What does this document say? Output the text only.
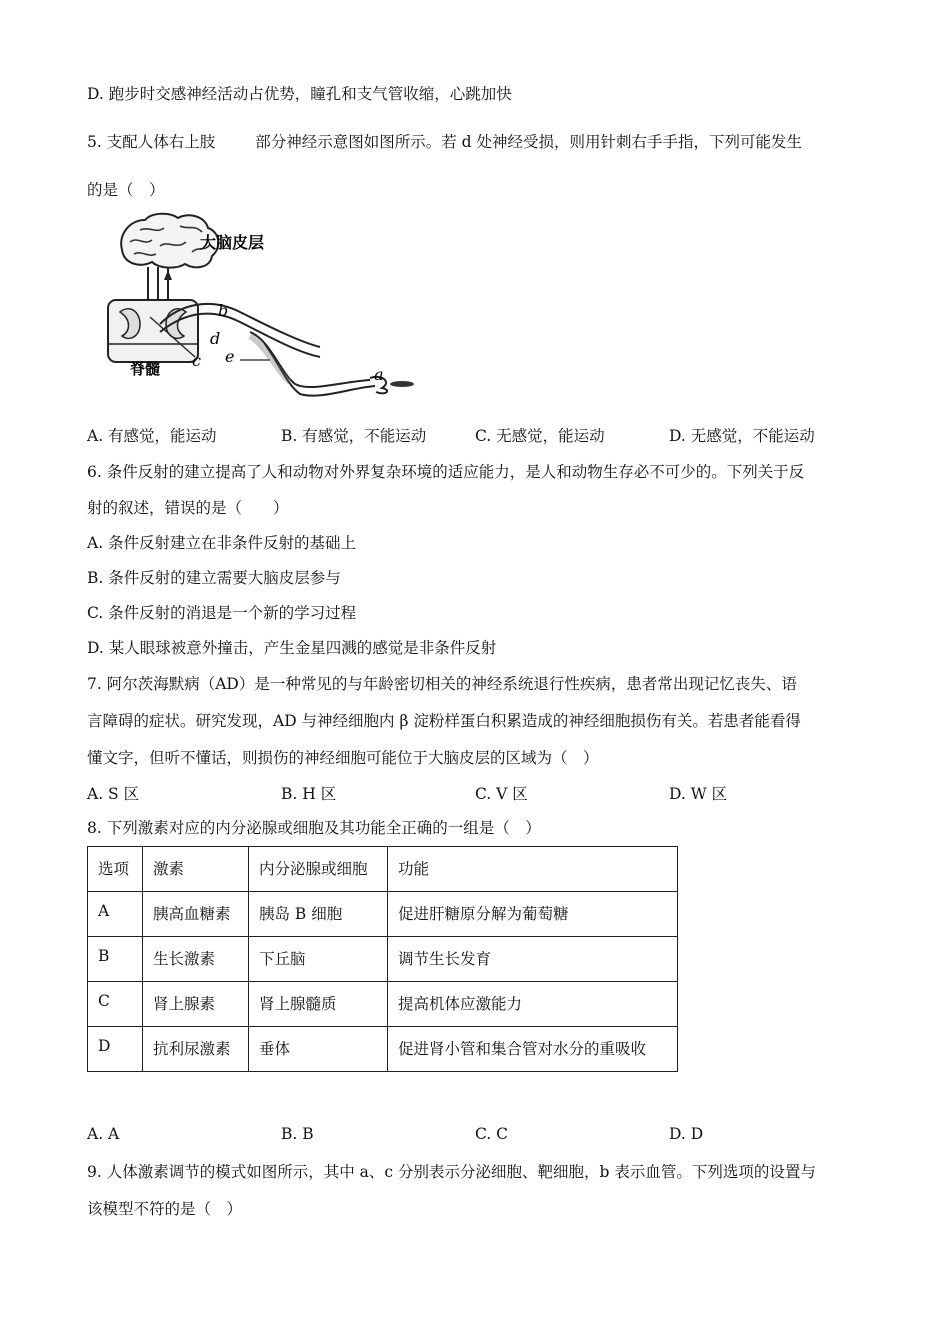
D. 跑步时交感神经活动占优势，瞳孔和支气管收缩，心跳加快
5. 支配人体右上肢	部分神经示意图如图所示。若 d 处神经受损，则用针刺右手手指，下列可能发生
的是（　）
大脑皮层
脊髓
b
d
c e
a
A. 有感觉，能运动	B. 有感觉，不能运动	C. 无感觉，能运动	D. 无感觉，不能运动
6. 条件反射的建立提高了人和动物对外界复杂环境的适应能力，是人和动物生存必不可少的。下列关于反
射的叙述，错误的是（　　）
A. 条件反射建立在非条件反射的基础上
B. 条件反射的建立需要大脑皮层参与
C. 条件反射的消退是一个新的学习过程
D. 某人眼球被意外撞击，产生金星四溅的感觉是非条件反射
7. 阿尔茨海默病（AD）是一种常见的与年龄密切相关的神经系统退行性疾病，患者常出现记忆丧失、语
言障碍的症状。研究发现，AD 与神经细胞内 β 淀粉样蛋白积累造成的神经细胞损伤有关。若患者能看得
懂文字，但听不懂话，则损伤的神经细胞可能位于大脑皮层的区域为（　）
A. S 区	B. H 区	C. V 区	D. W 区
8. 下列激素对应的内分泌腺或细胞及其功能全正确的一组是（　）
选项	激素	内分泌腺或细胞	功能
A	胰高血糖素	胰岛 B 细胞	促进肝糖原分解为葡萄糖
B	生长激素	下丘脑	调节生长发育
C	肾上腺素	肾上腺髓质	提高机体应激能力
D	抗利尿激素	垂体	促进肾小管和集合管对水分的重吸收
A. A	B. B	C. C	D. D
9. 人体激素调节的模式如图所示，其中 a、c 分别表示分泌细胞、靶细胞，b 表示血管。下列选项的设置与
该模型不符的是（　）
